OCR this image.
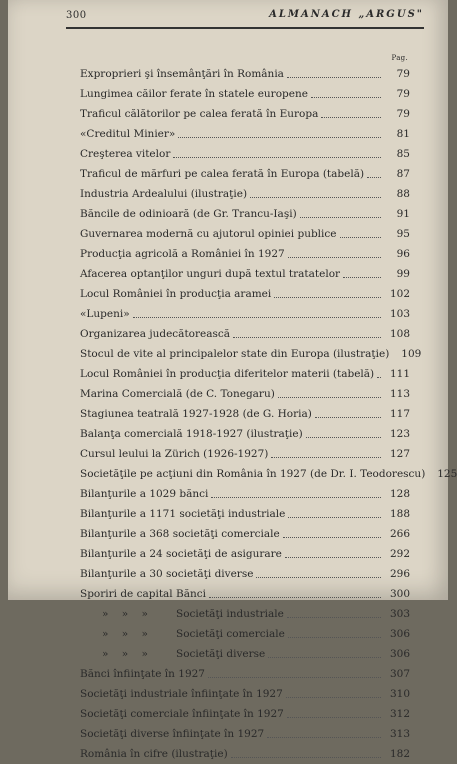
300	ALMANACH „ARGUS"
Pag.
Exproprieri şi însemânţări în România	79
Lungimea căilor ferate în statele europene	79
Traficul călătorilor pe calea ferată în Europa	79
«Creditul Minier»	81
Creşterea vitelor	85
Traficul de mărfuri pe calea ferată în Europa (tabelă)	87
Industria Ardealului (ilustraţie)	88
Băncile de odinioară (de Gr. Trancu-Iaşi)	91
Guvernarea modernă cu ajutorul opiniei publice	95
Producţia agricolă a României în 1927	96
Afacerea optanţilor unguri după textul tratatelor	99
Locul României în producţia aramei	102
«Lupeni»	103
Organizarea judecătorească	108
Stocul de vite al principalelor state din Europa (ilustraţie)	109
Locul României în producţia diferitelor materii (tabelă)	111
Marina Comercială (de C. Tonegaru)	113
Stagiunea teatrală 1927-1928 (de G. Horia)	117
Balanţa comercială 1918-1927 (ilustraţie)	123
Cursul leului la Zürich (1926-1927)	127
Societăţile pe acţiuni din România în 1927 (de Dr. I. Teodorescu)	125
Bilanţurile a 1029 bănci	128
Bilanţurile a 1171 societăţi industriale	188
Bilanţurile a 368 societăţi comerciale	266
Bilanţurile a 24 societăţi de asigurare	292
Bilanţurile a 30 societăţi diverse	296
Sporiri de capital Bănci	300
»    »    »	Societăţi industriale	303
»    »    »	Societăţi comerciale	306
»    »    »	Societăţi diverse	306
Bănci înfiinţate în 1927	307
Societăţi industriale înfiinţate în 1927	310
Societăţi comerciale înfiinţate în 1927	312
Societăţi diverse înfiinţate în 1927	313
România în cifre (ilustraţie)	182
